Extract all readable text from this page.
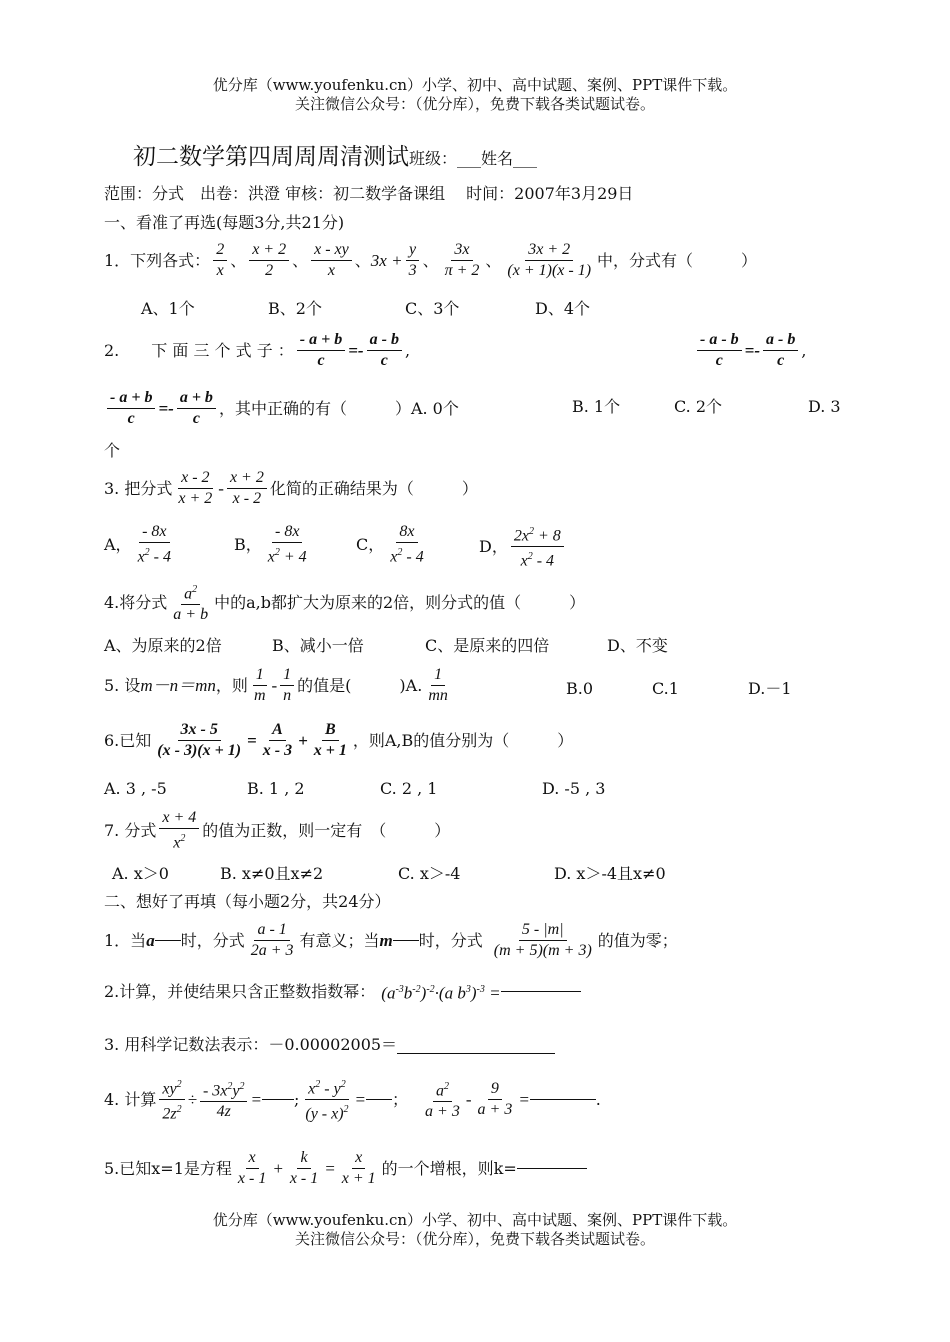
优分库（www.youfenku.cn）小学、初中、高中试题、案例、PPT课件下载。
关注微信公众号：（优分库），免费下载各类试题试卷。
初二数学第四周周周清测试班级：___姓名___
范围：分式　出卷：洪澄 审核：初二数学备课组　 时间：2007年3月29日
一、看准了再选(每题3分,共21分)
1．下列各式：
2
x
、
x + 2
2
、
x - xy
x
、 $3x + \frac{y}{3}$ 、
3x
π + 2
、
3x + 2
(x + 1)(x - 1)
中，分式有（　　　）
A、1个	B、2个	C、3个	D、4个
2.　　下 面 三 个 式 子 ： $\frac{- a + b}{c}$ =-
a - b
c
,	$\frac{- a - b}{c}$ =-
a - b
c
,
$\frac{- a + b}{c}$ =-
a + b
c
，其中正确的有（　　　）A. 0个	B. 1个	C. 2个	D. 3
个
3. 把分式
x - 2
x + 2
-
x + 2
x - 2
化简的正确结果为（　　　）
A，
- 8x
$x^2 - 4$
B，
- 8x
$x^2 + 4$
C，
8x
$x^2 - 4$
D，
$2x^2 + 8$
$x^2 - 4$
4.将分式 $a^2$
a + b
中的a,b都扩大为原来的2倍，则分式的值（　　　）
A、为原来的2倍	B、减小一倍	C、是原来的四倍	D、不变
5. 设 m－n＝mn ，则
1
m
-
1
n
的值是(　　　)A.
1
mn	B.0	C.1	D.－1
6.已知 $\frac{3x - 5}{(x - 3)(x + 1)} = \frac{A}{x - 3} + \frac{B}{x + 1}$ ，则A,B的值分别为（　　　）
A. 3 , -5	B. 1 , 2	C. 2 , 1	D. -5 , 3
7. 分式
x + 4
$x^2$ 的值为正数，则一定有　（　　　）
A. x＞0	B. x≠0且x≠2	C. x＞-4	D. x＞-4且x≠0
二、想好了再填（每小题2分，共24分）
1．当 a 时，分式
a - 1
2a + 3
有意义；当 m 时，分式
5 - |m|
(m + 5)(m + 3)
的值为零；
2.计算，并使结果只含正整数指数幂： $(a^{-3}b^{-2})^{-2}\cdot(a$ $b^3)^{-3}$ =
3. 用科学记数法表示：－0.00002005＝
4. 计算 $\frac{xy^2}{2z^2} \div \frac{- 3x^2y^2}{4z}$ = ; $\frac{x^2 - y^2}{(y - x)^2}$ = ； $a^2$
a + 3
- $\frac{9}{a + 3}$ =	.
5.已知x=1是方程
x
x - 1
+ $\frac{k}{x - 1} = \frac{x}{x + 1}$ 的一个增根，则k=
优分库（www.youfenku.cn）小学、初中、高中试题、案例、PPT课件下载。
关注微信公众号：（优分库），免费下载各类试题试卷。
